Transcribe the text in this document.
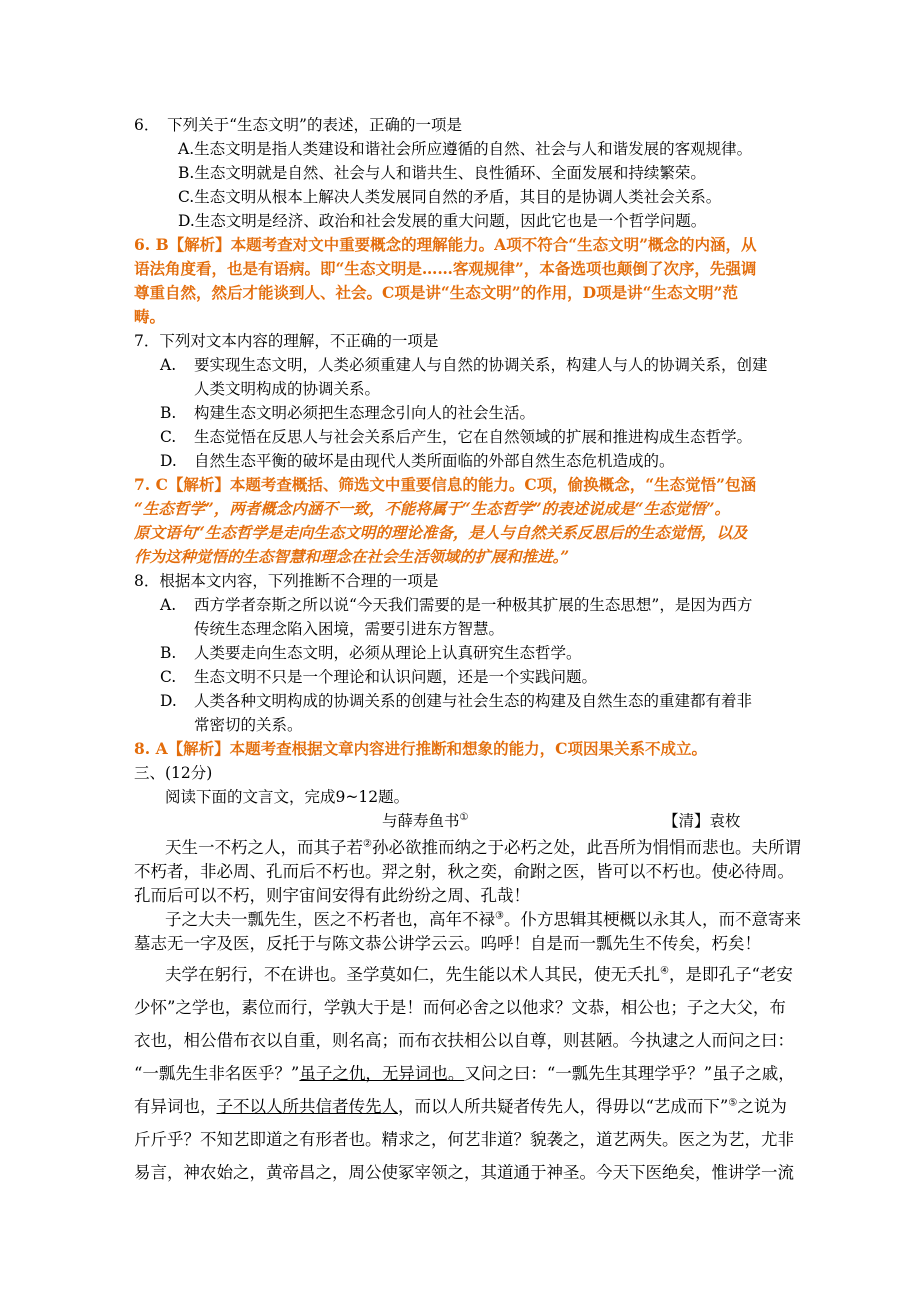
6．　下列关于“生态文明”的表述，正确的一项是
A.生态文明是指人类建设和谐社会所应遵循的自然、社会与人和谐发展的客观规律。
B.生态文明就是自然、社会与人和谐共生、良性循环、全面发展和持续繁荣。
C.生态文明从根本上解决人类发展同自然的矛盾，其目的是协调人类社会关系。
D.生态文明是经济、政治和社会发展的重大问题，因此它也是一个哲学问题。
6. B【解析】本题考查对文中重要概念的理解能力。A项不符合“生态文明”概念的内涵，从
语法角度看，也是有语病。即“生态文明是……客观规律”，本备选项也颠倒了次序，先强调
尊重自然，然后才能谈到人、社会。C项是讲“生态文明”的作用，D项是讲“生态文明”范
畴。
7．下列对文本内容的理解，不正确的一项是
A. 要实现生态文明，人类必须重建人与自然的协调关系，构建人与人的协调关系，创建
人类文明构成的协调关系。
B. 构建生态文明必须把生态理念引向人的社会生活。
C. 生态觉悟在反思人与社会关系后产生，它在自然领域的扩展和推进构成生态哲学。
D. 自然生态平衡的破坏是由现代人类所面临的外部自然生态危机造成的。
7. C【解析】本题考查概括、筛选文中重要信息的能力。C项，偷换概念，“生态觉悟”包涵
“生态哲学”，两者概念内涵不一致，不能将属于“生态哲学”的表述说成是“生态觉悟”。
原文语句“生态哲学是走向生态文明的理论准备，是人与自然关系反思后的生态觉悟，以及
作为这种觉悟的生态智慧和理念在社会生活领域的扩展和推进。”
8．根据本文内容，下列推断不合理的一项是
A. 西方学者奈斯之所以说“今天我们需要的是一种极其扩展的生态思想”，是因为西方
传统生态理念陷入困境，需要引进东方智慧。
B. 人类要走向生态文明，必须从理论上认真研究生态哲学。
C. 生态文明不只是一个理论和认识问题，还是一个实践问题。
D. 人类各种文明构成的协调关系的创建与社会生态的构建及自然生态的重建都有着非
常密切的关系。
8. A【解析】本题考查根据文章内容进行推断和想象的能力，C项因果关系不成立。
三、(12分)
阅读下面的文言文，完成9~12题。
与薛寿鱼书①	【清】袁枚
天生一不朽之人，而其子若②孙必欲推而纳之于必朽之处，此吾所为悁悁而悲也。夫所谓
不朽者，非必周、孔而后不朽也。羿之射，秋之奕，俞跗之医，皆可以不朽也。使必待周。
孔而后可以不朽，则宇宙间安得有此纷纷之周、孔哉！
子之大夫一瓢先生，医之不朽者也，高年不禄③。仆方思辑其梗概以永其人，而不意寄来
墓志无一字及医，反托于与陈文恭公讲学云云。呜呼！自是而一瓢先生不传矣，朽矣！
夫学在躬行，不在讲也。圣学莫如仁，先生能以术人其民，使无夭扎④，是即孔子“老安
少怀”之学也，素位而行，学孰大于是！而何必舍之以他求？文恭，相公也；子之大父，布
衣也，相公借布衣以自重，则名高；而布衣扶相公以自尊，则甚陋。今执逮之人而问之曰：
“一瓢先生非名医乎？”虽子之仇，无异词也。又问之曰：“一瓢先生其理学乎？”虽子之戚，
有异词也，子不以人所共信者传先人，而以人所共疑者传先人，得毋以“艺成而下”⑤之说为
斤斤乎？不知艺即道之有形者也。精求之，何艺非道？貌袭之，道艺两失。医之为艺，尤非
易言，神农始之，黄帝昌之，周公使冢宰领之，其道通于神圣。今天下医绝矣，惟讲学一流
